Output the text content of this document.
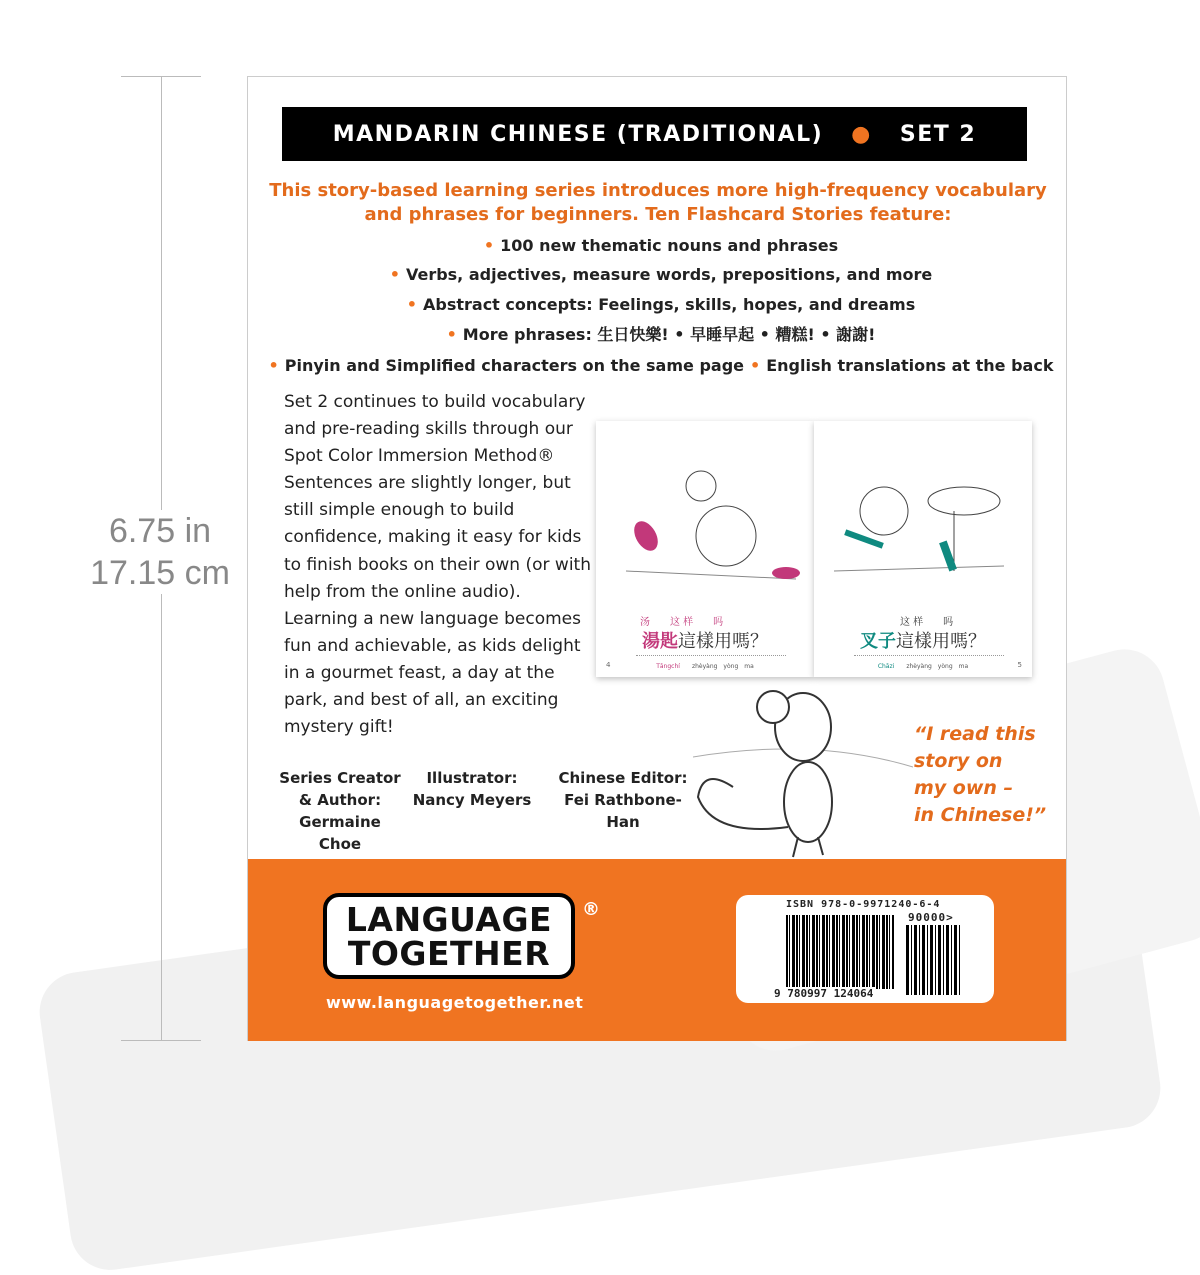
6.75 in
17.15 cm
MANDARIN CHINESE (TRADITIONAL) ● SET 2
This story-based learning series introduces more high-frequency vocabulary and phrases for beginners. Ten Flashcard Stories feature:
• 100 new thematic nouns and phrases
• Verbs, adjectives, measure words, prepositions, and more
• Abstract concepts: Feelings, skills, hopes, and dreams
• More phrases: 生日快樂! • 早睡早起 • 糟糕! • 謝謝!
• Pinyin and Simplified characters on the same page • English translations at the back
Set 2 continues to build vocabulary and pre-reading skills through our Spot Color Immersion Method® Sentences are slightly longer, but still simple enough to build confidence, making it easy for kids to finish books on their own (or with help from the online audio). Learning a new language becomes fun and achievable, as kids delight in a gourmet feast, a day at the park, and best of all, an exciting mystery gift!
汤　　这 样　　吗
湯匙這樣用嗎？
Tāngchí　　 zhèyàng　yòng　ma
4
这 样　　吗
叉子這樣用嗎？
Chāzi　　 zhèyàng　yòng　ma	5
Series Creator & Author:
Germaine Choe
Illustrator:
Nancy Meyers
Chinese Editor:
Fei Rathbone-Han
“I read this
story on
my own –
in Chinese!”
LANGUAGE
TOGETHER
®
www.languagetogether.net
ISBN 978-0-9971240-6-4
90000>
9 780997 124064
